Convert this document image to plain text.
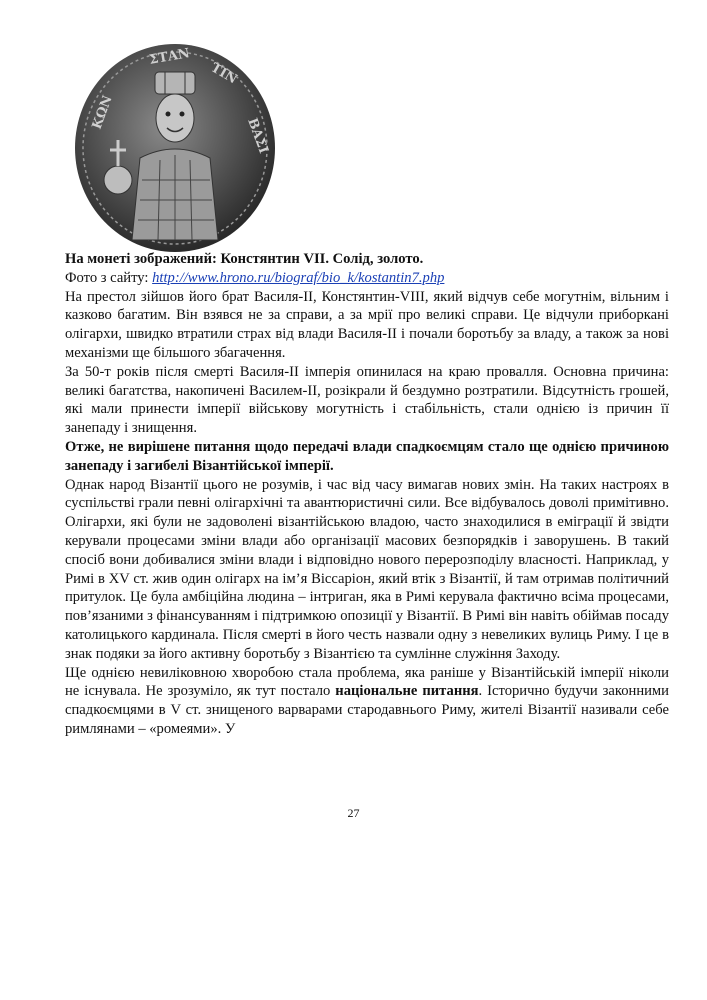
ΚΩΝ
ΣΤΑΝ
ΤΙΝ
ΒΑΣΙ

На монеті зображений: Констянтин VII. Солід, золото.

Фото з сайту: http://www.hrono.ru/biograf/bio_k/kostantin7.php

На престол зійшов його брат Василя-II, Констянтин-VIII, який відчув себе могутнім, вільним і казково багатим. Він взявся не за справи, а за мрії про великі справи. Це відчули приборкані олігархи, швидко втратили страх від влади Василя-ІІ і почали боротьбу за владу, а також за нові механізми ще більшого збагачення.

За 50-т років після смерті Василя-II імперія опинилася на краю провалля. Основна причина: великі багатства, накопичені Василем-II, розікрали й бездумно розтратили. Відсутність грошей, які мали принести імперії військову могутність і стабільність, стали однією із причин її занепаду і знищення.

Отже, не вирішене питання щодо передачі влади спадкоємцям стало ще однією причиною занепаду і загибелі Візантійської імперії.

Однак народ Візантії цього не розумів, і час від часу вимагав нових змін. На таких настроях в суспільстві грали певні олігархічні та авантюристичні сили. Все відбувалось доволі примітивно. Олігархи, які були не задоволені візантійською владою, часто знаходилися в еміграції й звідти керували процесами зміни влади або організації масових безпорядків і заворушень. В такий спосіб вони добивалися зміни влади і відповідно нового перерозподілу власності. Наприклад, у Римі в XV ст. жив один олігарх на ім’я Віссаріон, який втік з Візантії, й там отримав політичний притулок. Це була амбіційна людина – інтриган, яка в Римі керувала фактично всіма процесами, пов’язаними з фінансуванням і підтримкою опозиції у Візантії. В Римі він навіть обіймав посаду католицького кардинала. Після смерті в його честь назвали одну з невеликих вулиць Риму. І це в знак подяки за його активну боротьбу з Візантією та сумлінне служіння Заходу.

Ще однією невиліковною хворобою стала проблема, яка раніше у Візантійській імперії ніколи не існувала. Не зрозуміло, як тут постало національне питання. Історично будучи законними спадкоємцями в V ст. знищеного варварами стародавнього Риму, жителі Візантії називали себе римлянами – «ромеями». У

27
